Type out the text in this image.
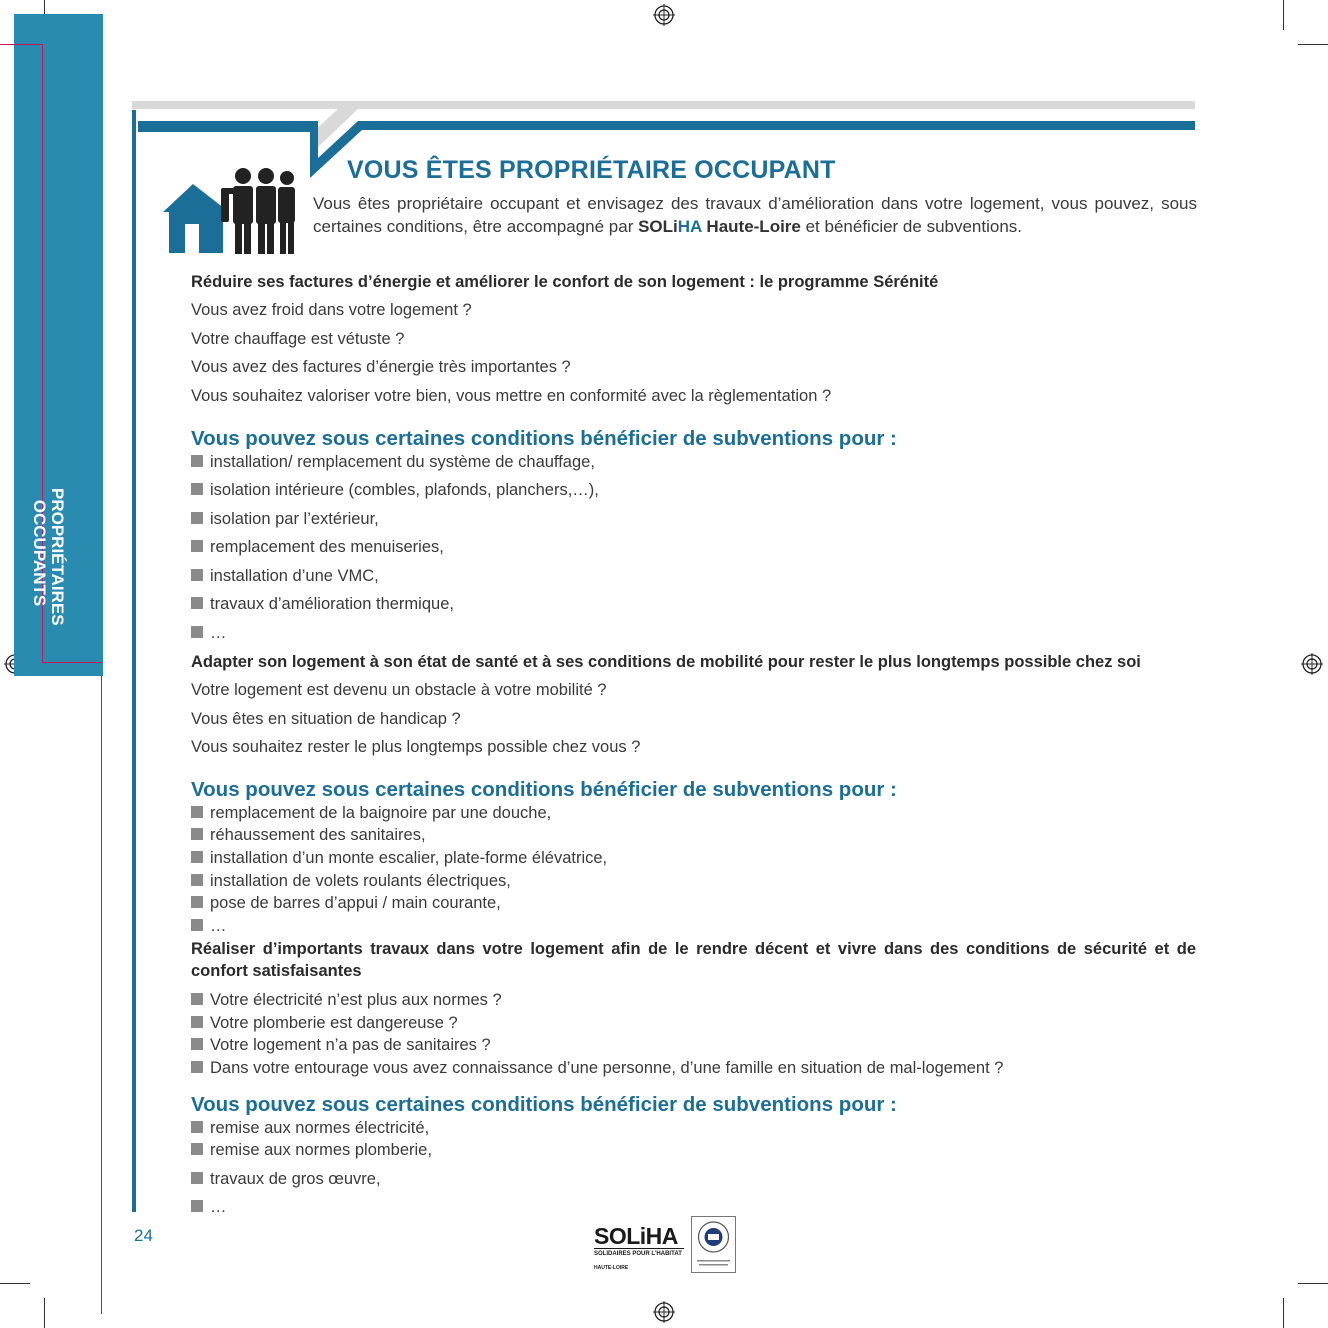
PROPRIÉTAIRES
OCCUPANTS
VOUS ÊTES PROPRIÉTAIRE OCCUPANT
Vous êtes propriétaire occupant et envisagez des travaux d’amélioration dans votre logement, vous pouvez, sous certaines conditions, être accompagné par SOLiHA Haute-Loire et bénéficier de subventions.
Réduire ses factures d’énergie et améliorer le confort de son logement : le programme Sérénité
Vous avez froid dans votre logement ?
Votre chauffage est vétuste ?
Vous avez des factures d’énergie très importantes ?
Vous souhaitez valoriser votre bien, vous mettre en conformité avec la règlementation ?
Vous pouvez sous certaines conditions bénéficier de subventions pour :
installation/ remplacement du système de chauffage,
isolation intérieure (combles, plafonds, planchers,…),
isolation par l’extérieur,
remplacement des menuiseries,
installation d’une VMC,
travaux d’amélioration thermique,
…
Adapter son logement à son état de santé et à ses conditions de mobilité pour rester le plus longtemps possible chez soi
Votre logement est devenu un obstacle à votre mobilité ?
Vous êtes en situation de handicap ?
Vous souhaitez rester le plus longtemps possible chez vous ?
Vous pouvez sous certaines conditions bénéficier de subventions pour :
remplacement de la baignoire par une douche,
réhaussement des sanitaires,
installation d’un monte escalier, plate-forme élévatrice,
installation de volets roulants électriques,
pose de barres d’appui / main courante,
…
Réaliser d’importants travaux dans votre logement afin de le rendre décent et vivre dans des conditions de sécurité et de
confort satisfaisantes
Votre électricité n’est plus aux normes ?
Votre plomberie est dangereuse ?
Votre logement n’a pas de sanitaires ?
Dans votre entourage vous avez connaissance d’une personne, d’une famille en situation de mal-logement ?
Vous pouvez sous certaines conditions bénéficier de subventions pour :
remise aux normes électricité,
remise aux normes plomberie,
travaux de gros œuvre,
…
24	SOLiHA
SOLIDAIRES POUR L'HABITAT
HAUTE-LOIRE
